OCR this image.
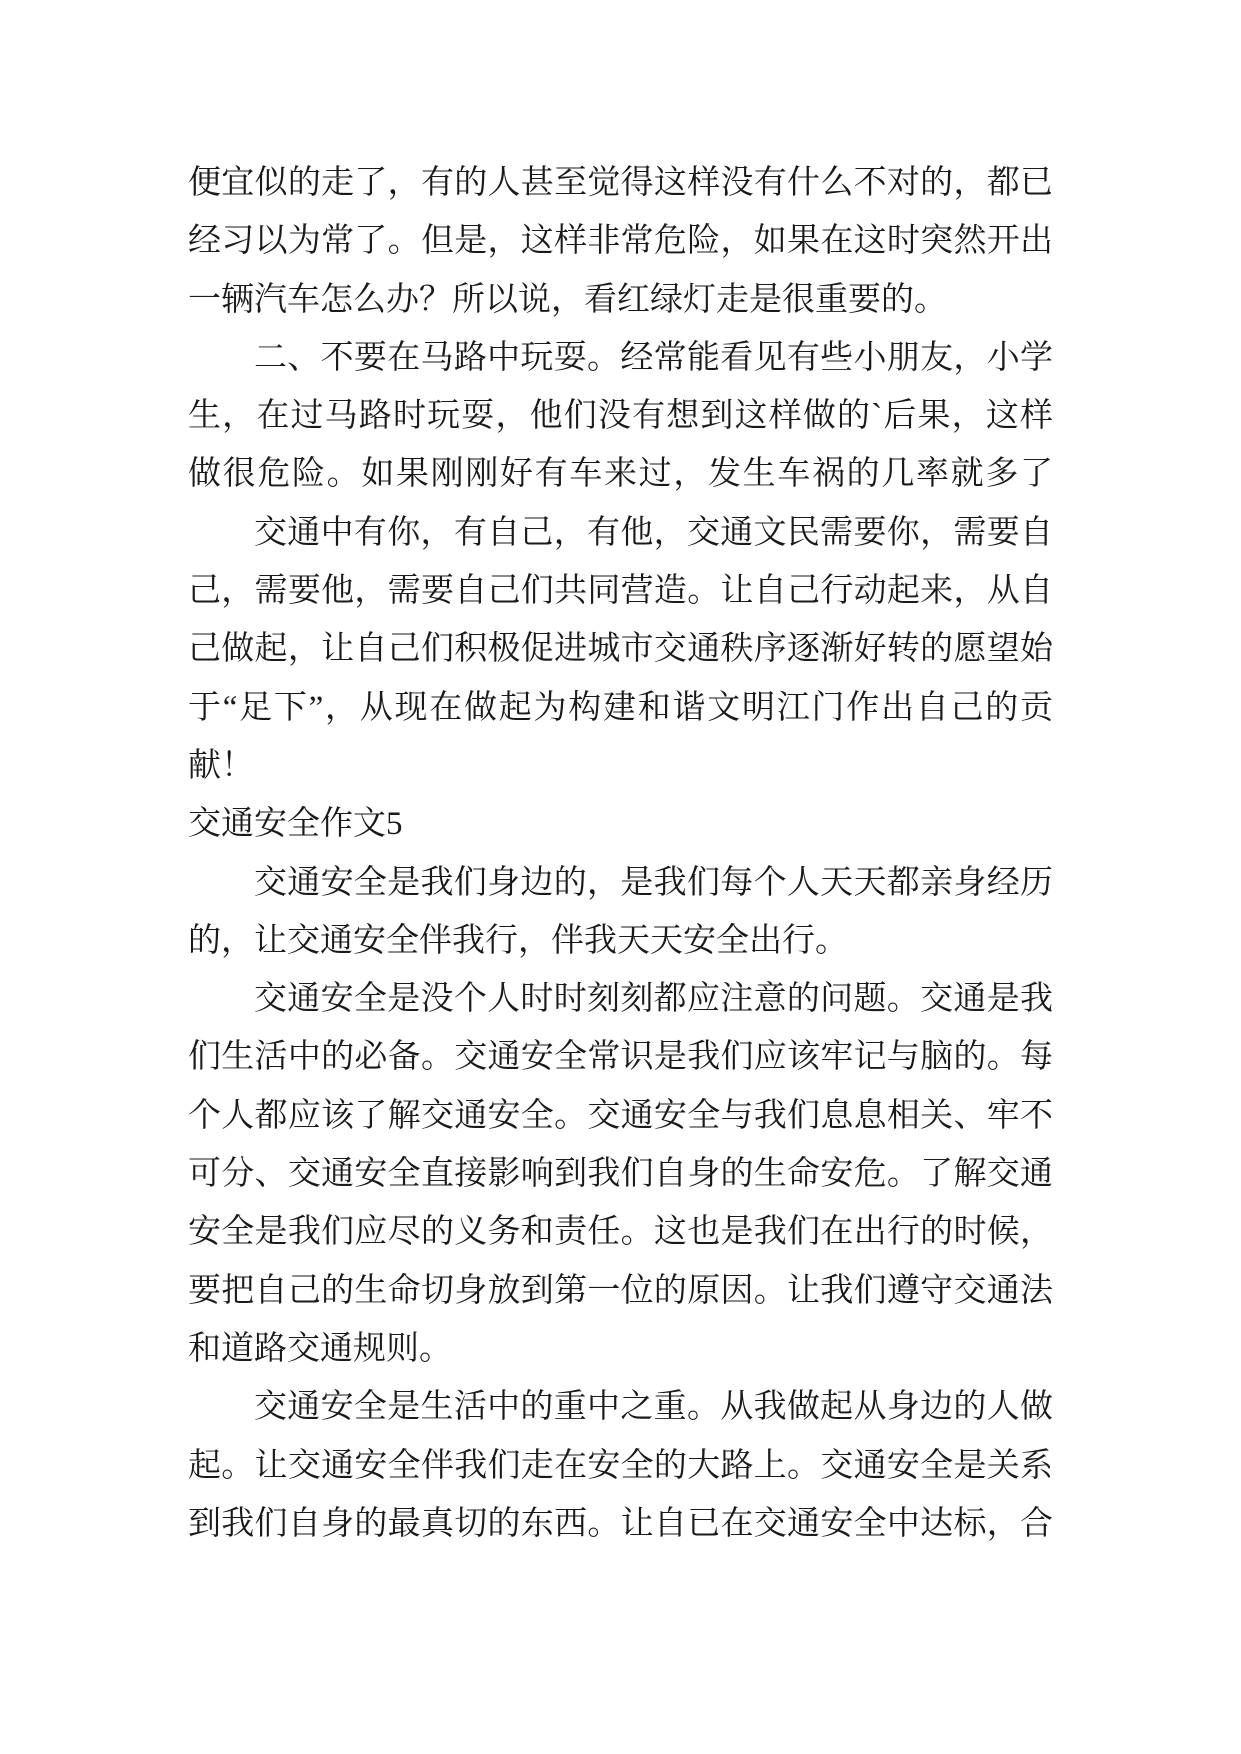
便宜似的走了，有的人甚至觉得这样没有什么不对的，都已
经习以为常了。但是，这样非常危险，如果在这时突然开出
一辆汽车怎么办？所以说，看红绿灯走是很重要的。
二、不要在马路中玩耍。经常能看见有些小朋友，小学
生，在过马路时玩耍，他们没有想到这样做的`后果，这样
做很危险。如果刚刚好有车来过，发生车祸的几率就多了
交通中有你，有自己，有他，交通文民需要你，需要自
己，需要他，需要自己们共同营造。让自己行动起来，从自
己做起，让自己们积极促进城市交通秩序逐渐好转的愿望始
于“足下”，从现在做起为构建和谐文明江门作出自己的贡
献！
交通安全作文5
交通安全是我们身边的，是我们每个人天天都亲身经历
的，让交通安全伴我行，伴我天天安全出行。
交通安全是没个人时时刻刻都应注意的问题。交通是我
们生活中的必备。交通安全常识是我们应该牢记与脑的。每
个人都应该了解交通安全。交通安全与我们息息相关、牢不
可分、交通安全直接影响到我们自身的生命安危。了解交通
安全是我们应尽的义务和责任。这也是我们在出行的时候，
要把自己的生命切身放到第一位的原因。让我们遵守交通法
和道路交通规则。
交通安全是生活中的重中之重。从我做起从身边的人做
起。让交通安全伴我们走在安全的大路上。交通安全是关系
到我们自身的最真切的东西。让自已在交通安全中达标，合
